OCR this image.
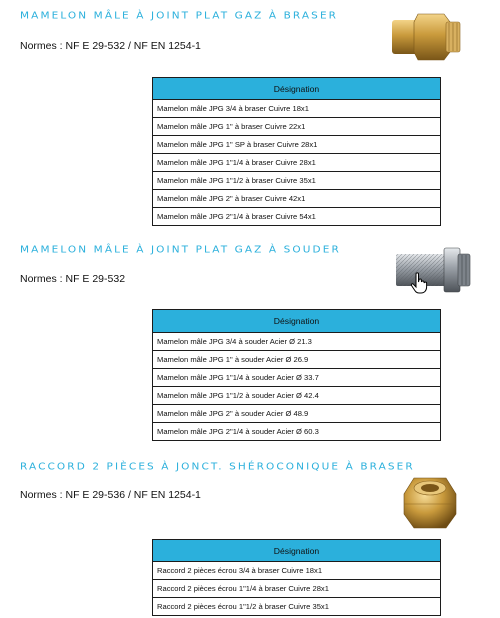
MAMELON MÂLE À JOINT PLAT GAZ À BRASER
Normes : NF E 29-532 / NF EN 1254-1
Désignation
Mamelon mâle JPG 3/4 à braser Cuivre 18x1
Mamelon mâle JPG 1" à braser Cuivre 22x1
Mamelon mâle JPG 1" SP à braser Cuivre 28x1
Mamelon mâle JPG 1"1/4 à braser Cuivre 28x1
Mamelon mâle JPG 1"1/2 à braser Cuivre 35x1
Mamelon mâle JPG 2" à braser Cuivre 42x1
Mamelon mâle JPG 2"1/4 à braser Cuivre 54x1
MAMELON MÂLE À JOINT PLAT GAZ À SOUDER
Normes : NF E 29-532
Désignation
Mamelon mâle JPG 3/4 à souder Acier Ø 21.3
Mamelon mâle JPG 1" à souder Acier Ø 26.9
Mamelon mâle JPG 1"1/4 à souder Acier Ø 33.7
Mamelon mâle JPG 1"1/2 à souder Acier Ø 42.4
Mamelon mâle JPG 2" à souder Acier Ø 48.9
Mamelon mâle JPG 2"1/4 à souder Acier Ø 60.3
RACCORD 2 PIÈCES À JONCT. SHÉROCONIQUE À BRASER
Normes : NF E 29-536 / NF EN 1254-1
Désignation
Raccord 2 pièces écrou 3/4 à braser Cuivre 18x1
Raccord 2 pièces écrou 1"1/4 à braser Cuivre 28x1
Raccord 2 pièces écrou 1"1/2 à braser Cuivre 35x1
